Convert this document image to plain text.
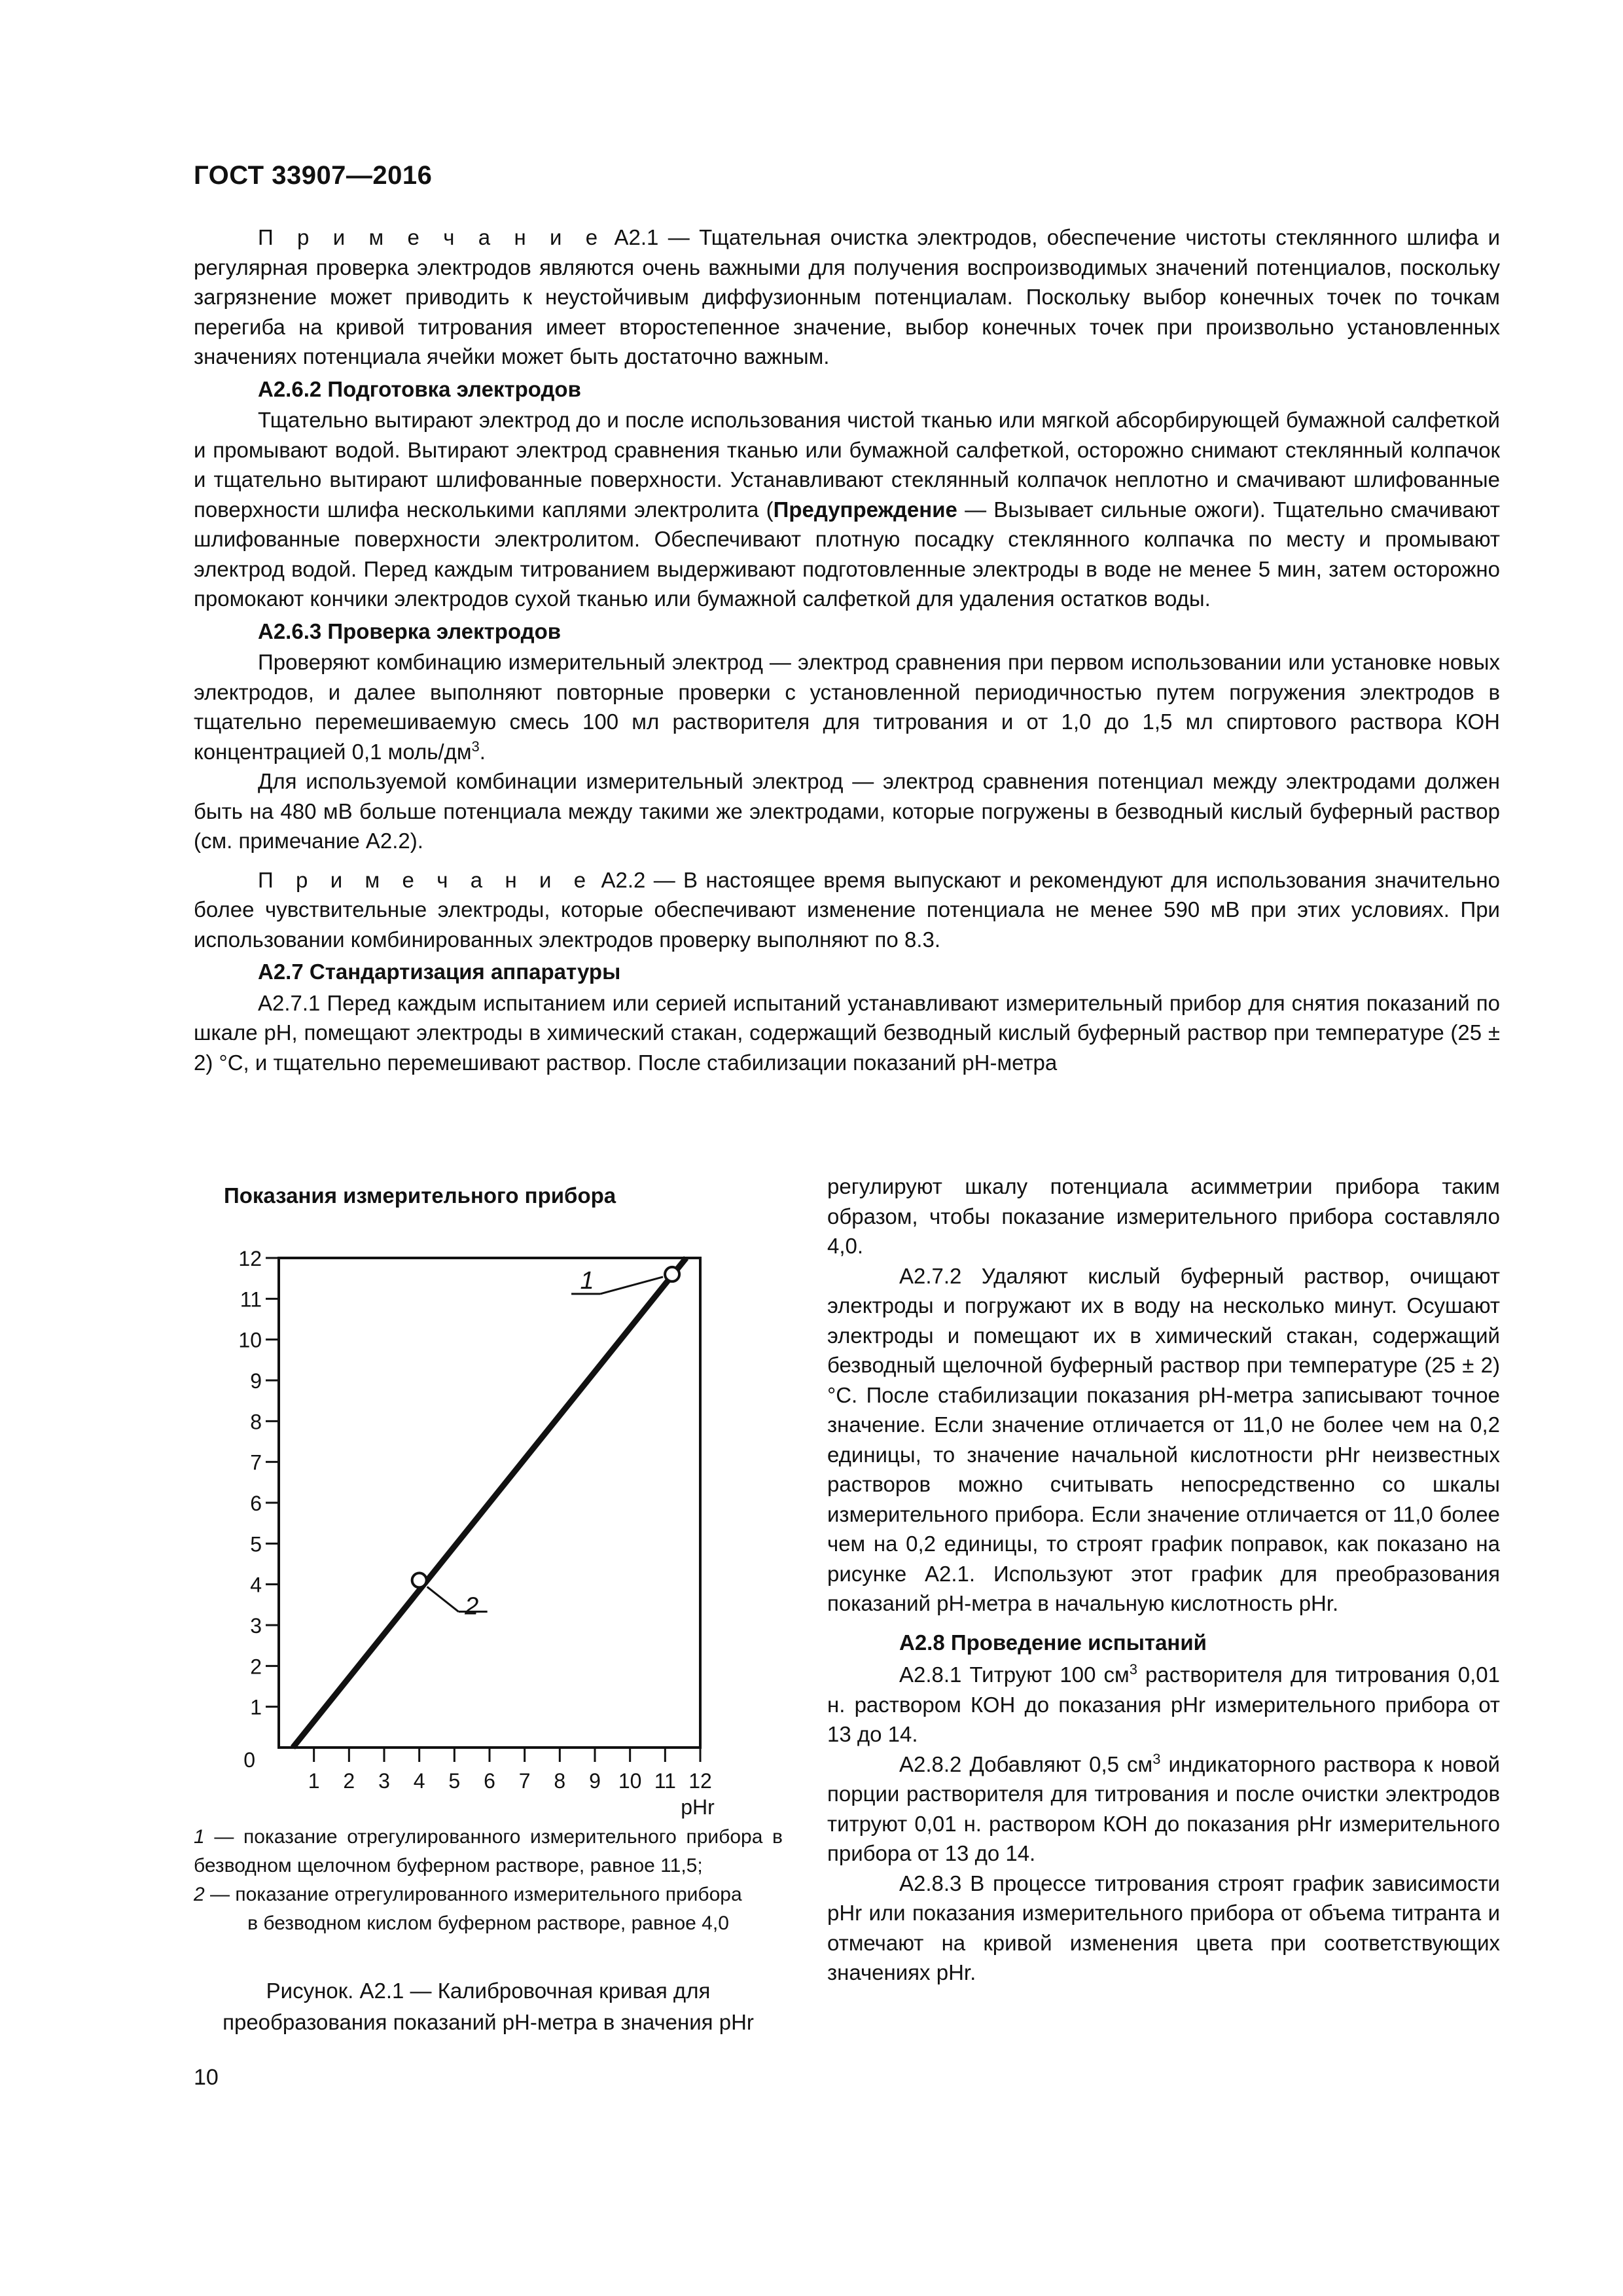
ГОСТ 33907—2016

П р и м е ч а н и е А2.1 — Тщательная очистка электродов, обеспечение чистоты стеклянного шлифа и регулярная проверка электродов являются очень важными для получения воспроизводимых значений потенциалов, поскольку загрязнение может приводить к неустойчивым диффузионным потенциалам. Поскольку выбор конечных точек по точкам перегиба на кривой титрования имеет второстепенное значение, выбор конечных точек при произвольно установленных значениях потенциала ячейки может быть достаточно важным.

А2.6.2 Подготовка электродов

Тщательно вытирают электрод до и после использования чистой тканью или мягкой абсорбирующей бумажной салфеткой и промывают водой. Вытирают электрод сравнения тканью или бумажной салфеткой, осторожно снимают стеклянный колпачок и тщательно вытирают шлифованные поверхности. Устанавливают стеклянный колпачок неплотно и смачивают шлифованные поверхности шлифа несколькими каплями электролита (Предупреждение — Вызывает сильные ожоги). Тщательно смачивают шлифованные поверхности электролитом. Обеспечивают плотную посадку стеклянного колпачка по месту и промывают электрод водой. Перед каждым титрованием выдерживают подготовленные электроды в воде не менее 5 мин, затем осторожно промокают кончики электродов сухой тканью или бумажной салфеткой для удаления остатков воды.

А2.6.3 Проверка электродов

Проверяют комбинацию измерительный электрод — электрод сравнения при первом использовании или установке новых электродов, и далее выполняют повторные проверки с установленной периодичностью путем погружения электродов в тщательно перемешиваемую смесь 100 мл растворителя для титрования и от 1,0 до 1,5 мл спиртового раствора КОН концентрацией 0,1 моль/$дм^3$.

Для используемой комбинации измерительный электрод — электрод сравнения потенциал между электродами должен быть на 480 мВ больше потенциала между такими же электродами, которые погружены в безводный кислый буферный раствор (см. примечание А2.2).

П р и м е ч а н и е А2.2 — В настоящее время выпускают и рекомендуют для использования значительно более чувствительные электроды, которые обеспечивают изменение потенциала не менее 590 мВ при этих условиях. При использовании комбинированных электродов проверку выполняют по 8.3.

А2.7 Стандартизация аппаратуры

А2.7.1 Перед каждым испытанием или серией испытаний устанавливают измерительный прибор для снятия показаний по шкале pH, помещают электроды в химический стакан, содержащий безводный кислый буферный раствор при температуре (25 ± 2) °С, и тщательно перемешивают раствор. После стабилизации показаний pH-метра

Показания измерительного прибора
1
2
3
4
5
6
7
8
9
10
11
12
1 2 3 4 5 6 7 8 9 10 11 12
0
pHr
1
2

регулируют шкалу потенциала асимметрии прибора таким образом, чтобы показание измерительного прибора составляло 4,0.

А2.7.2 Удаляют кислый буферный раствор, очищают электроды и погружают их в воду на несколько минут. Осушают электроды и помещают их в химический стакан, содержащий безводный щелочной буферный раствор при температуре (25 ± 2) °С. После стабилизации показания pH-метра записывают точное значение. Если значение отличается от 11,0 не более чем на 0,2 единицы, то значение начальной кислотности pHr неизвестных растворов можно считывать непосредственно со шкалы измерительного прибора. Если значение отличается от 11,0 более чем на 0,2 единицы, то строят график поправок, как показано на рисунке А2.1. Используют этот график для преобразования показаний pH-метра в начальную кислотность pHr.

А2.8 Проведение испытаний

А2.8.1 Титруют 100 $см^3$ растворителя для титрования 0,01 н. раствором КОН до показания pHr измерительного прибора от 13 до 14.

А2.8.2 Добавляют 0,5 $см^3$ индикаторного раствора к новой порции растворителя для титрования и после очистки электродов титруют 0,01 н. раствором КОН до показания pHr измерительного прибора от 13 до 14.

А2.8.3 В процессе титрования строят график зависимости pHr или показания измерительного прибора от объема титранта и отмечают на кривой изменения цвета при соответствующих значениях pHr.

1 — показание отрегулированного измерительного прибора в безводном щелочном буферном растворе, равное 11,5;

2 — показание отрегулированного измерительного прибора

в безводном кислом буферном растворе, равное 4,0

Рисунок. А2.1 — Калибровочная кривая для преобразования показаний pH-метра в значения pHr
10
